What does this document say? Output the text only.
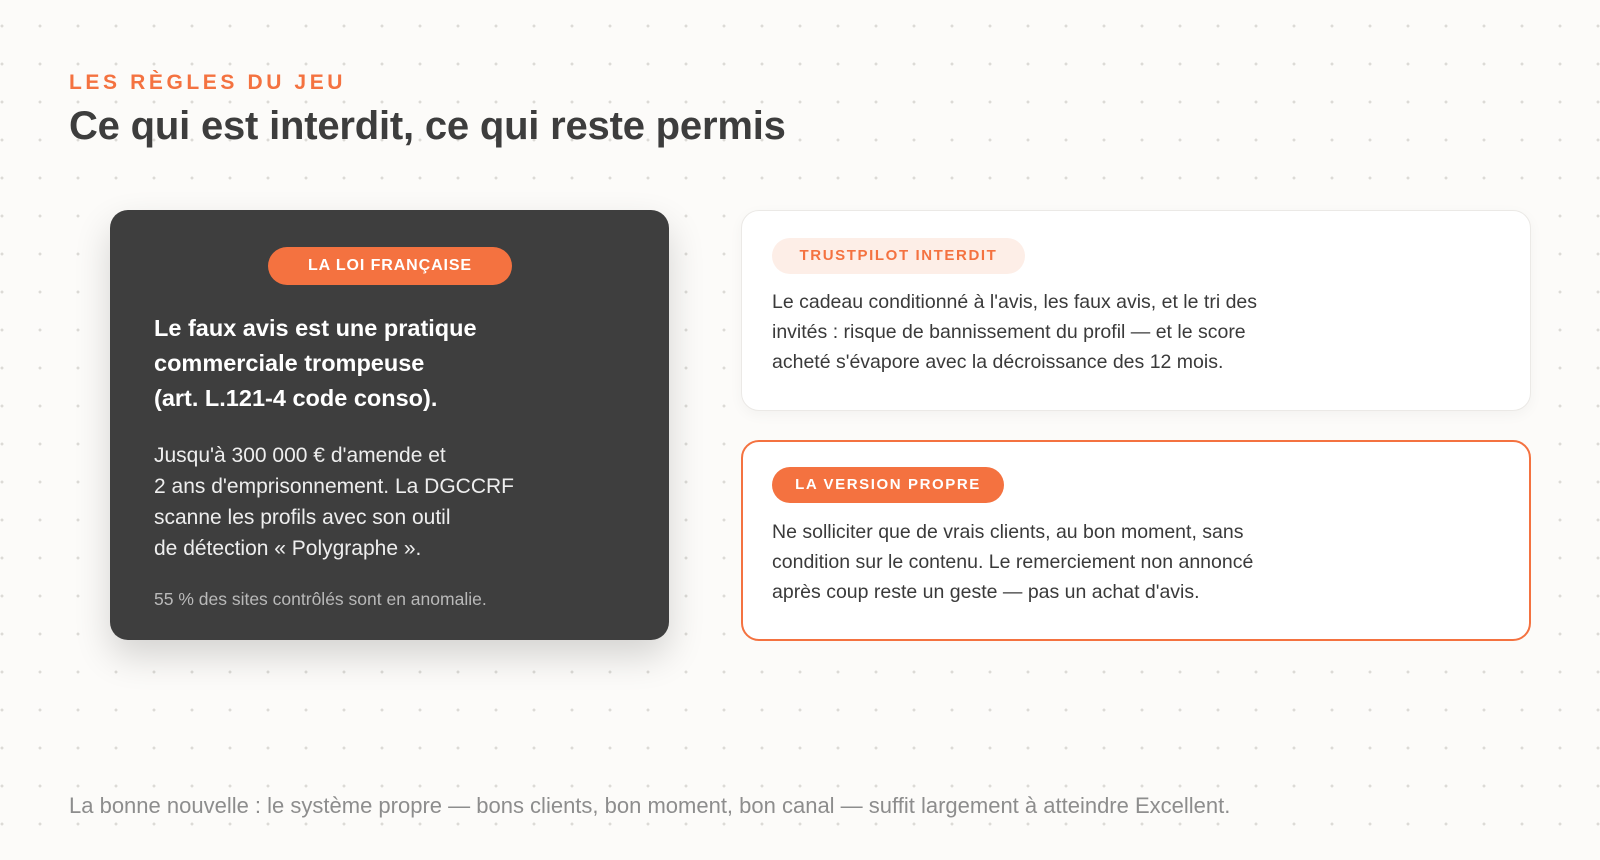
LES RÈGLES DU JEU
Ce qui est interdit, ce qui reste permis
LA LOI FRANÇAISE

Le faux avis est une pratique
commerciale trompeuse
(art. L.121-4 code conso).

Jusqu'à 300 000 € d'amende et
2 ans d'emprisonnement. La DGCCRF
scanne les profils avec son outil
de détection « Polygraphe ».

55 % des sites contrôlés sont en anomalie.

TRUSTPILOT INTERDIT

Le cadeau conditionné à l'avis, les faux avis, et le tri des
invités : risque de bannissement du profil — et le score
acheté s'évapore avec la décroissance des 12 mois.

LA VERSION PROPRE

Ne solliciter que de vrais clients, au bon moment, sans
condition sur le contenu. Le remerciement non annoncé
après coup reste un geste — pas un achat d'avis.

La bonne nouvelle : le système propre — bons clients, bon moment, bon canal — suffit largement à atteindre Excellent.
